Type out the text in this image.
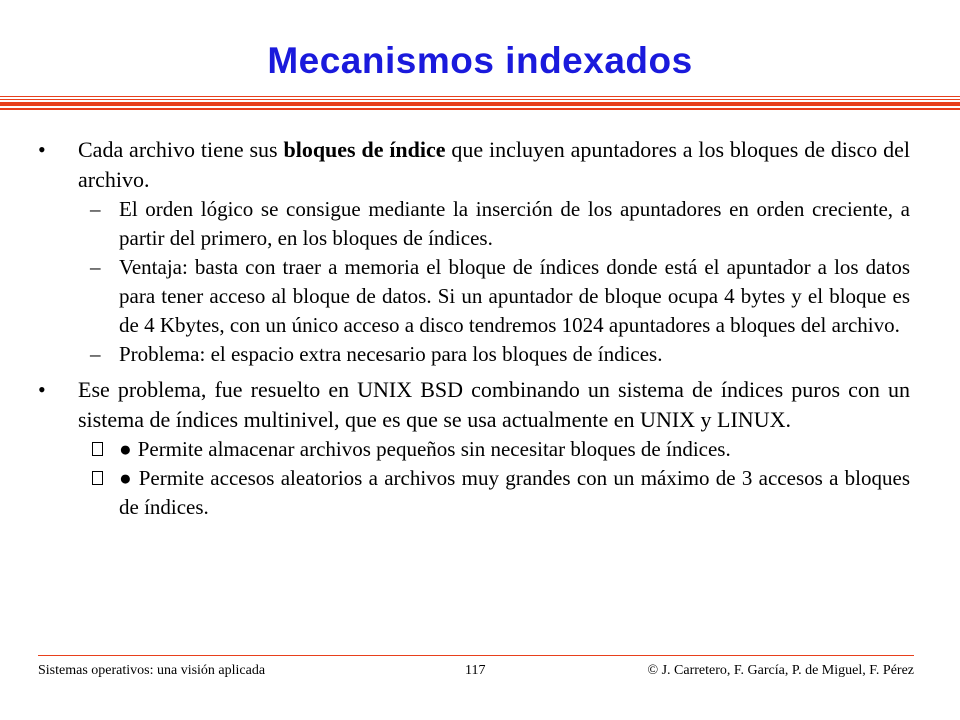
Mecanismos indexados
•	Cada archivo tiene sus bloques de índice que incluyen apuntadores a los bloques de disco del archivo.
– El orden lógico se consigue mediante la inserción de los apuntadores en orden creciente, a partir del primero, en los bloques de índices.
– Ventaja: basta con traer a memoria el bloque de índices donde está el apuntador a los datos para tener acceso al bloque de datos. Si un apuntador de bloque ocupa 4 bytes y el bloque es de 4 Kbytes, con un único acceso a disco tendremos 1024 apuntadores a bloques del archivo.
– Problema: el espacio extra necesario para los bloques de índices.
•	Ese problema, fue resuelto en UNIX BSD combinando un sistema de índices puros con un sistema de índices multinivel, que es que se usa actualmente en UNIX y LINUX.
● Permite almacenar archivos pequeños sin necesitar bloques de índices.
● Permite accesos aleatorios a archivos muy grandes con un máximo de 3 accesos a bloques de índices.
Sistemas operativos: una visión aplicada	117	© J. Carretero, F. García, P. de Miguel, F. Pérez
